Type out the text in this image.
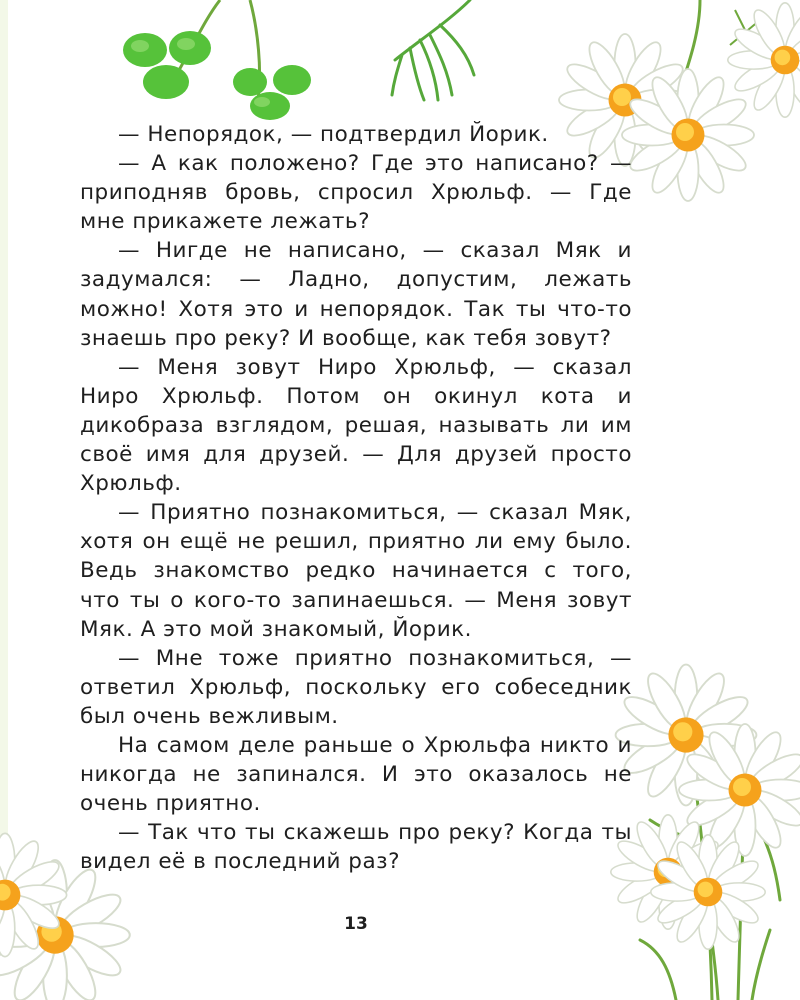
— Непорядок, — подтвердил Йорик.

— А как положено? Где это написано? — приподняв бровь, спросил Хрюльф. — Где мне прикажете лежать?

— Нигде не написано, — сказал Мяк и задумался: — Ладно, допустим, лежать можно! Хотя это и непорядок. Так ты что-то знаешь про реку? И вообще, как тебя зовут?

— Меня зовут Ниро Хрюльф, — сказал Ниро Хрюльф. Потом он окинул кота и дикобраза взглядом, решая, называть ли им своё имя для друзей. — Для друзей просто Хрюльф.

— Приятно познакомиться, — сказал Мяк, хотя он ещё не решил, приятно ли ему было. Ведь знакомство редко начинается с того, что ты о кого-то запинаешься. — Меня зовут Мяк. А это мой знакомый, Йорик.

— Мне тоже приятно познакомиться, — ответил Хрюльф, поскольку его собеседник был очень вежливым.

На самом деле раньше о Хрюльфа никто и никогда не запинался. И это оказалось не очень приятно.

— Так что ты скажешь про реку? Когда ты видел её в последний раз?

13
